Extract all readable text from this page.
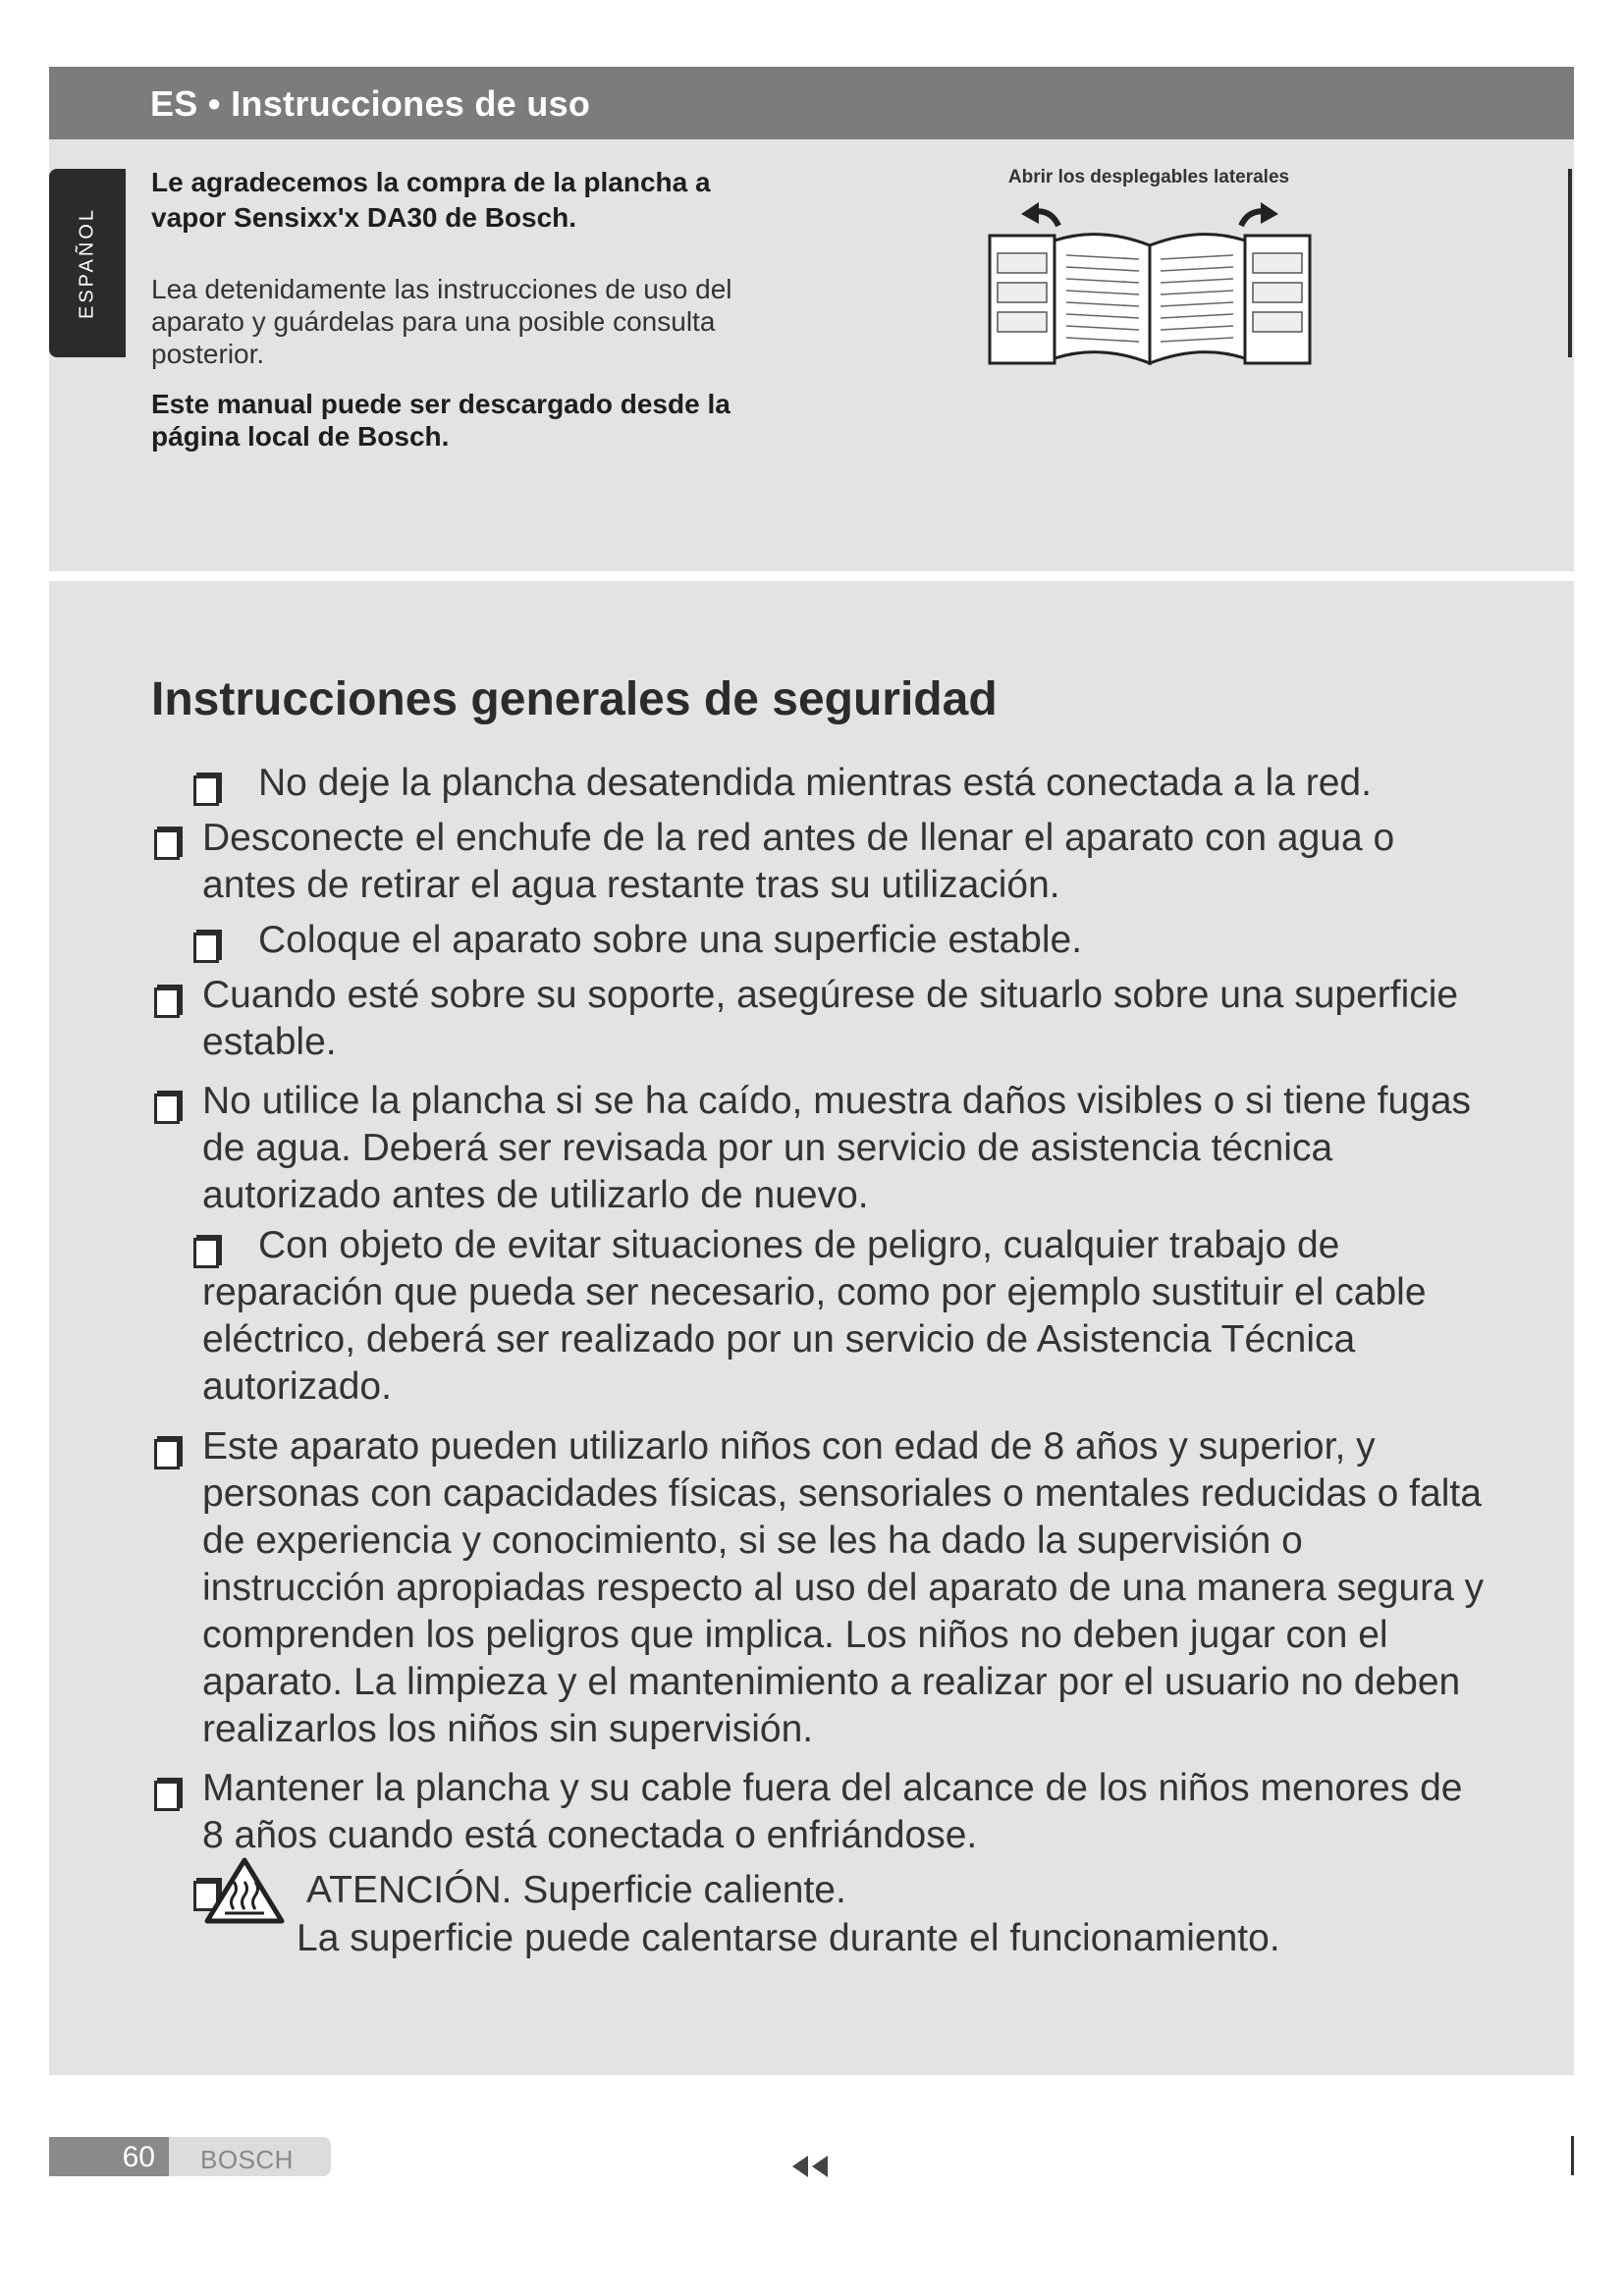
ES • Instrucciones de uso
ESPAÑOL

Le agradecemos la compra de la plancha a vapor Sensixx'x DA30 de Bosch.

Lea detenidamente las instrucciones de uso del aparato y guárdelas para una posible consulta posterior.

Este manual puede ser descargado desde la página local de Bosch.

Abrir los desplegables laterales
Instrucciones generales de seguridad
No deje la plancha desatendida mientras está conectada a la red.
Desconecte el enchufe de la red antes de llenar el aparato con agua o antes de retirar el agua restante tras su utilización.
Coloque el aparato sobre una superficie estable.
Cuando esté sobre su soporte, asegúrese de situarlo sobre una superficie estable.
No utilice la plancha si se ha caído, muestra daños visibles o si tiene fugas de agua. Deberá ser revisada por un servicio de asistencia técnica autorizado antes de utilizarlo de nuevo.
Con objeto de evitar situaciones de peligro, cualquier trabajo de reparación que pueda ser necesario, como por ejemplo sustituir el cable eléctrico, deberá ser realizado por un servicio de Asistencia Técnica autorizado.
Este aparato pueden utilizarlo niños con edad de 8 años y superior, y personas con capacidades físicas, sensoriales o mentales reducidas o falta de experiencia y conocimiento, si se les ha dado la supervisión o instrucción apropiadas respecto al uso del aparato de una manera segura y comprenden los peligros que implica. Los niños no deben jugar con el aparato. La limpieza y el mantenimiento a realizar por el usuario no deben realizarlos los niños sin supervisión.
Mantener la plancha y su cable fuera del alcance de los niños menores de 8 años cuando está conectada o enfriándose.
ATENCIÓN. Superficie caliente.
La superficie puede calentarse durante el funcionamiento.
60 BOSCH
